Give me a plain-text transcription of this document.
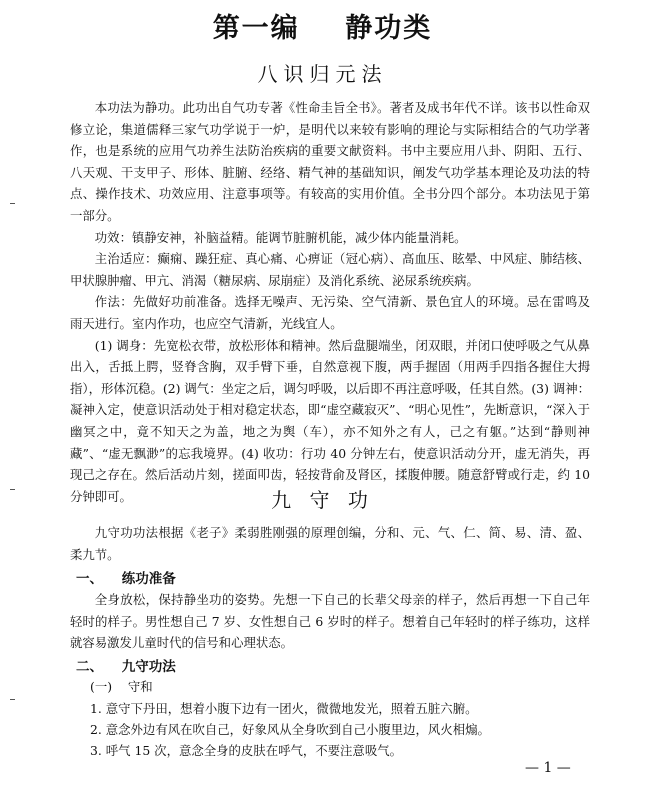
第一编    静功类
八识归元法

本功法为静功。此功出自气功专著《性命圭旨全书》。著者及成书年代不详。该书以性命双修立论，集道儒释三家气功学说于一炉，是明代以来较有影响的理论与实际相结合的气功学著作，也是系统的应用气功养生法防治疾病的重要文献资料。书中主要应用八卦、阴阳、五行、八天观、干支甲子、形体、脏腑、经络、精气神的基础知识，阐发气功学基本理论及功法的特点、操作技术、功效应用、注意事项等。有较高的实用价值。全书分四个部分。本功法见于第一部分。

功效：镇静安神，补脑益精。能调节脏腑机能，减少体内能量消耗。

主治适应：癫痫、躁狂症、真心痛、心痹证（冠心病）、高血压、眩晕、中风症、肺结核、甲状腺肿瘤、甲亢、消渴（糖尿病、尿崩症）及消化系统、泌尿系统疾病。

作法：先做好功前准备。选择无噪声、无污染、空气清新、景色宜人的环境。忌在雷鸣及雨天进行。室内作功，也应空气清新，光线宜人。

(1) 调身：先宽松衣带，放松形体和精神。然后盘腿端坐，闭双眼，并闭口使呼吸之气从鼻出入，舌抵上腭，竖脊含胸，双手臂下垂，自然意视下腹，两手握固（用两手四指各握住大拇指），形体沉稳。(2) 调气：坐定之后，调匀呼吸，以后即不再注意呼吸，任其自然。(3) 调神：凝神入定，使意识活动处于相对稳定状态，即“虚空藏寂灭”、“明心见性”，先断意识，“深入于幽冥之中，竟不知天之为盖，地之为舆（车），亦不知外之有人，己之有躯。”达到“静则神藏”、“虚无飘渺”的忘我境界。(4) 收功：行功 40 分钟左右，使意识活动分开，虚无消失，再现己之存在。然后活动片刻，搓面叩齿，轻按背俞及肾区，揉腹伸腰。随意舒臂或行走，约 10 分钟即可。	九 守 功

九守功功法根据《老子》柔弱胜刚强的原理创编，分和、元、气、仁、简、易、清、盈、柔九节。

一、    练功准备

全身放松，保持静坐功的姿势。先想一下自己的长辈父母亲的样子，然后再想一下自己年轻时的样子。男性想自己 7 岁、女性想自己 6 岁时的样子。想着自己年轻时的样子练功，这样就容易激发儿童时代的信号和心理状态。

二、    九守功法
(一)    守和
1. 意守下丹田，想着小腹下边有一团火，微微地发光，照着五脏六腑。
2. 意念外边有风在吹自己，好象风从全身吹到自己小腹里边，风火相煽。
3. 呼气 15 次，意念全身的皮肤在呼气，不要注意吸气。
— 1 —
